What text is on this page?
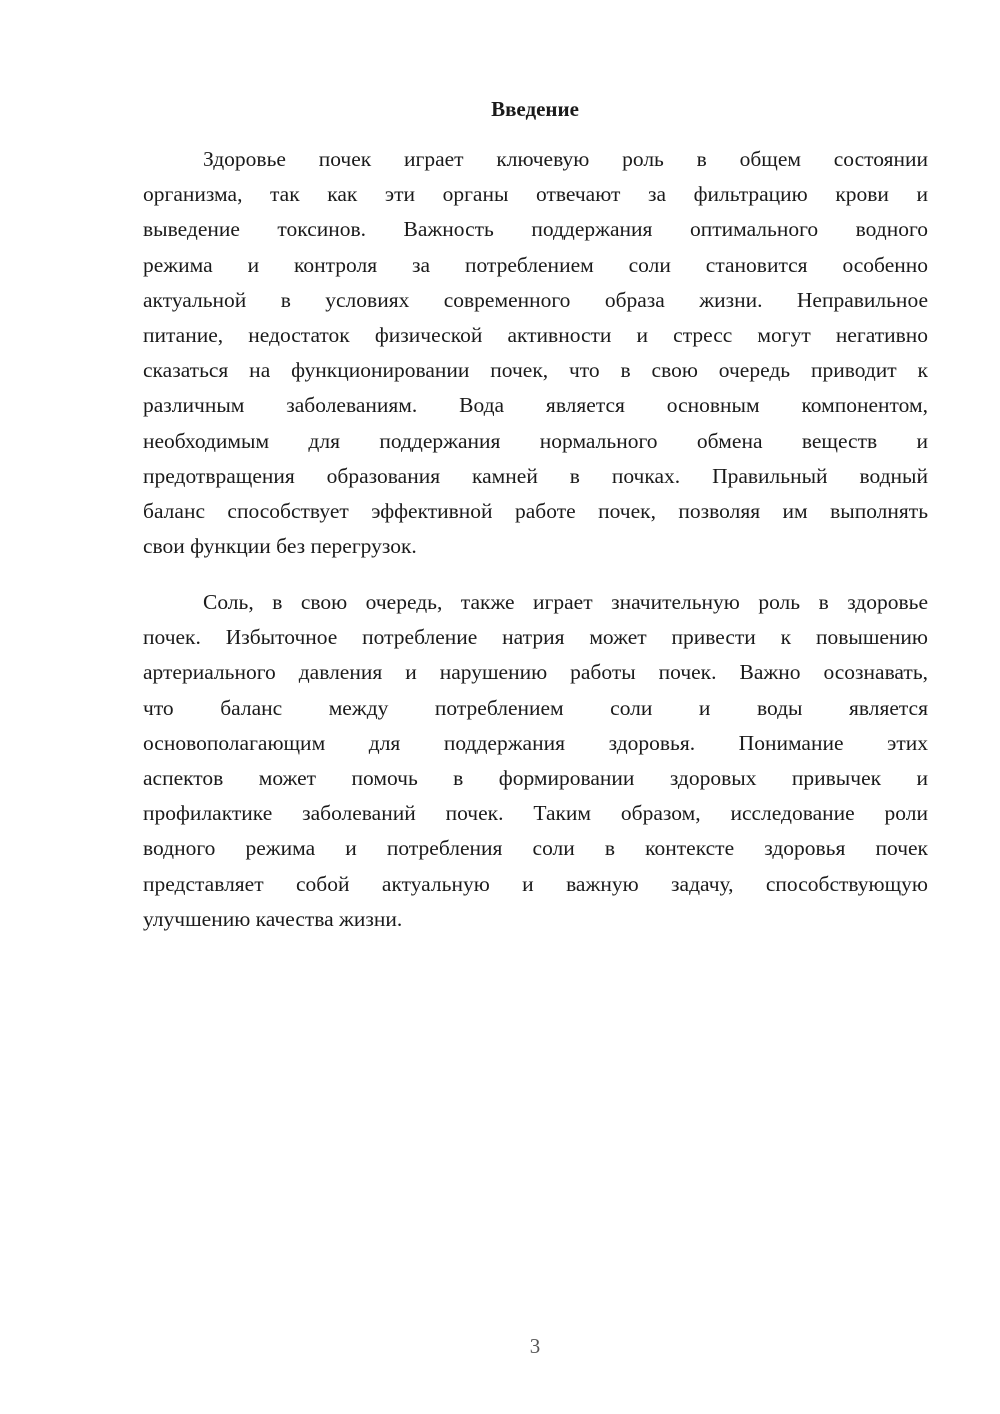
Введение
Здоровье почек играет ключевую роль в общем состоянии
организма, так как эти органы отвечают за фильтрацию крови и
выведение токсинов. Важность поддержания оптимального водного
режима и контроля за потреблением соли становится особенно
актуальной в условиях современного образа жизни. Неправильное
питание, недостаток физической активности и стресс могут негативно
сказаться на функционировании почек, что в свою очередь приводит к
различным заболеваниям. Вода является основным компонентом,
необходимым для поддержания нормального обмена веществ и
предотвращения образования камней в почках. Правильный водный
баланс способствует эффективной работе почек, позволяя им выполнять
свои функции без перегрузок.
Соль, в свою очередь, также играет значительную роль в здоровье
почек. Избыточное потребление натрия может привести к повышению
артериального давления и нарушению работы почек. Важно осознавать,
что баланс между потреблением соли и воды является
основополагающим для поддержания здоровья. Понимание этих
аспектов может помочь в формировании здоровых привычек и
профилактике заболеваний почек. Таким образом, исследование роли
водного режима и потребления соли в контексте здоровья почек
представляет собой актуальную и важную задачу, способствующую
улучшению качества жизни.
3
